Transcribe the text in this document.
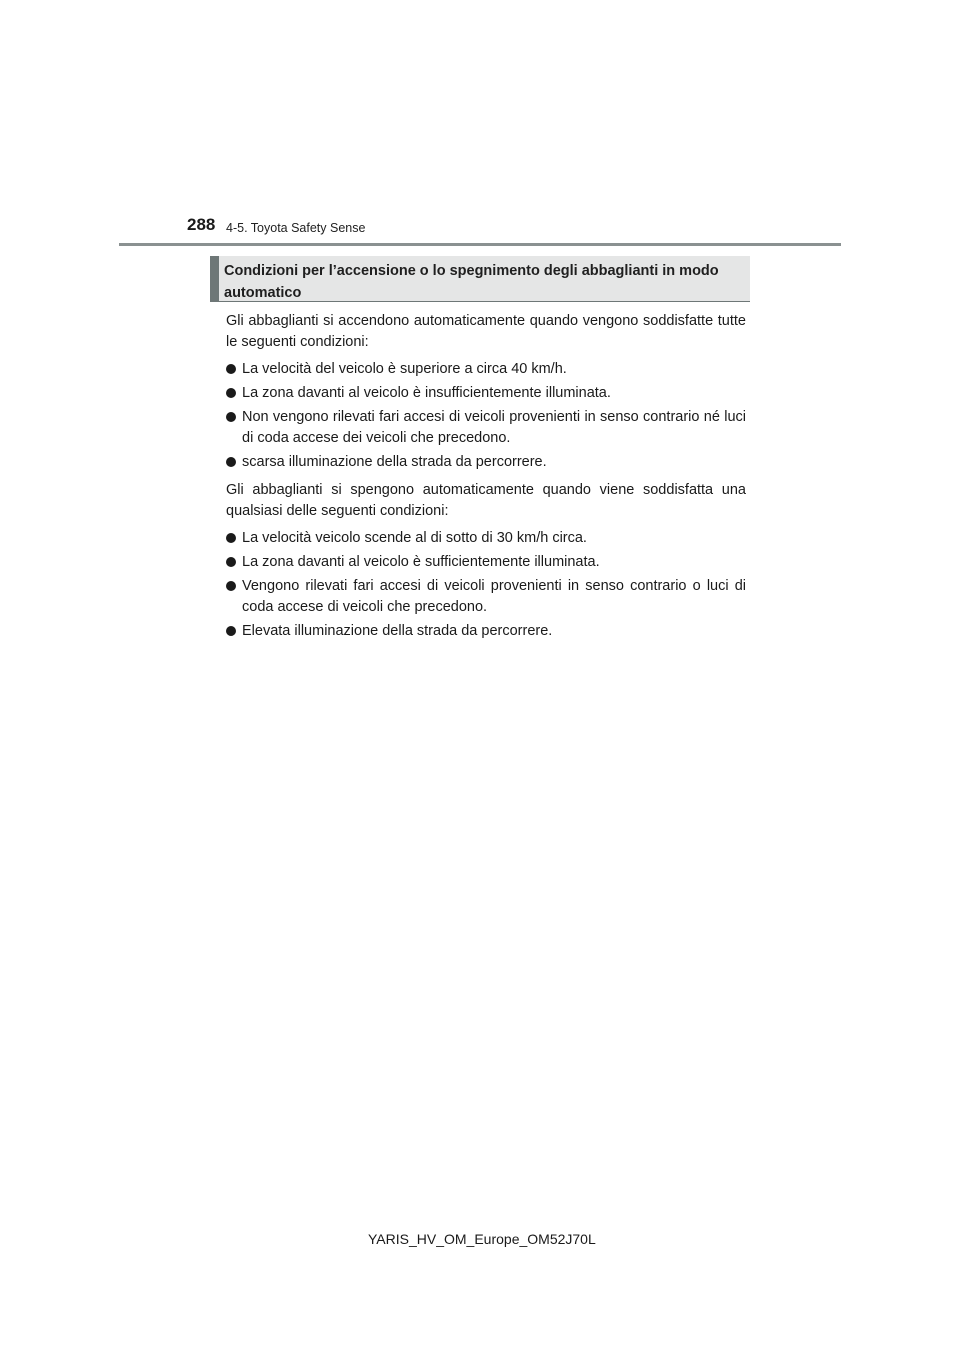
288 4-5. Toyota Safety Sense
Condizioni per l’accensione o lo spegnimento degli abbaglianti in modo automatico

Gli abbaglianti si accendono automaticamente quando vengono soddisfatte tutte le seguenti condizioni:

La velocità del veicolo è superiore a circa 40 km/h.
La zona davanti al veicolo è insufficientemente illuminata.
Non vengono rilevati fari accesi di veicoli provenienti in senso contrario né luci di coda accese dei veicoli che precedono.
scarsa illuminazione della strada da percorrere.

Gli abbaglianti si spengono automaticamente quando viene soddisfatta una qualsiasi delle seguenti condizioni:

La velocità veicolo scende al di sotto di 30 km/h circa.
La zona davanti al veicolo è sufficientemente illuminata.
Vengono rilevati fari accesi di veicoli provenienti in senso contrario o luci di coda accese di veicoli che precedono.
Elevata illuminazione della strada da percorrere.
YARIS_HV_OM_Europe_OM52J70L
